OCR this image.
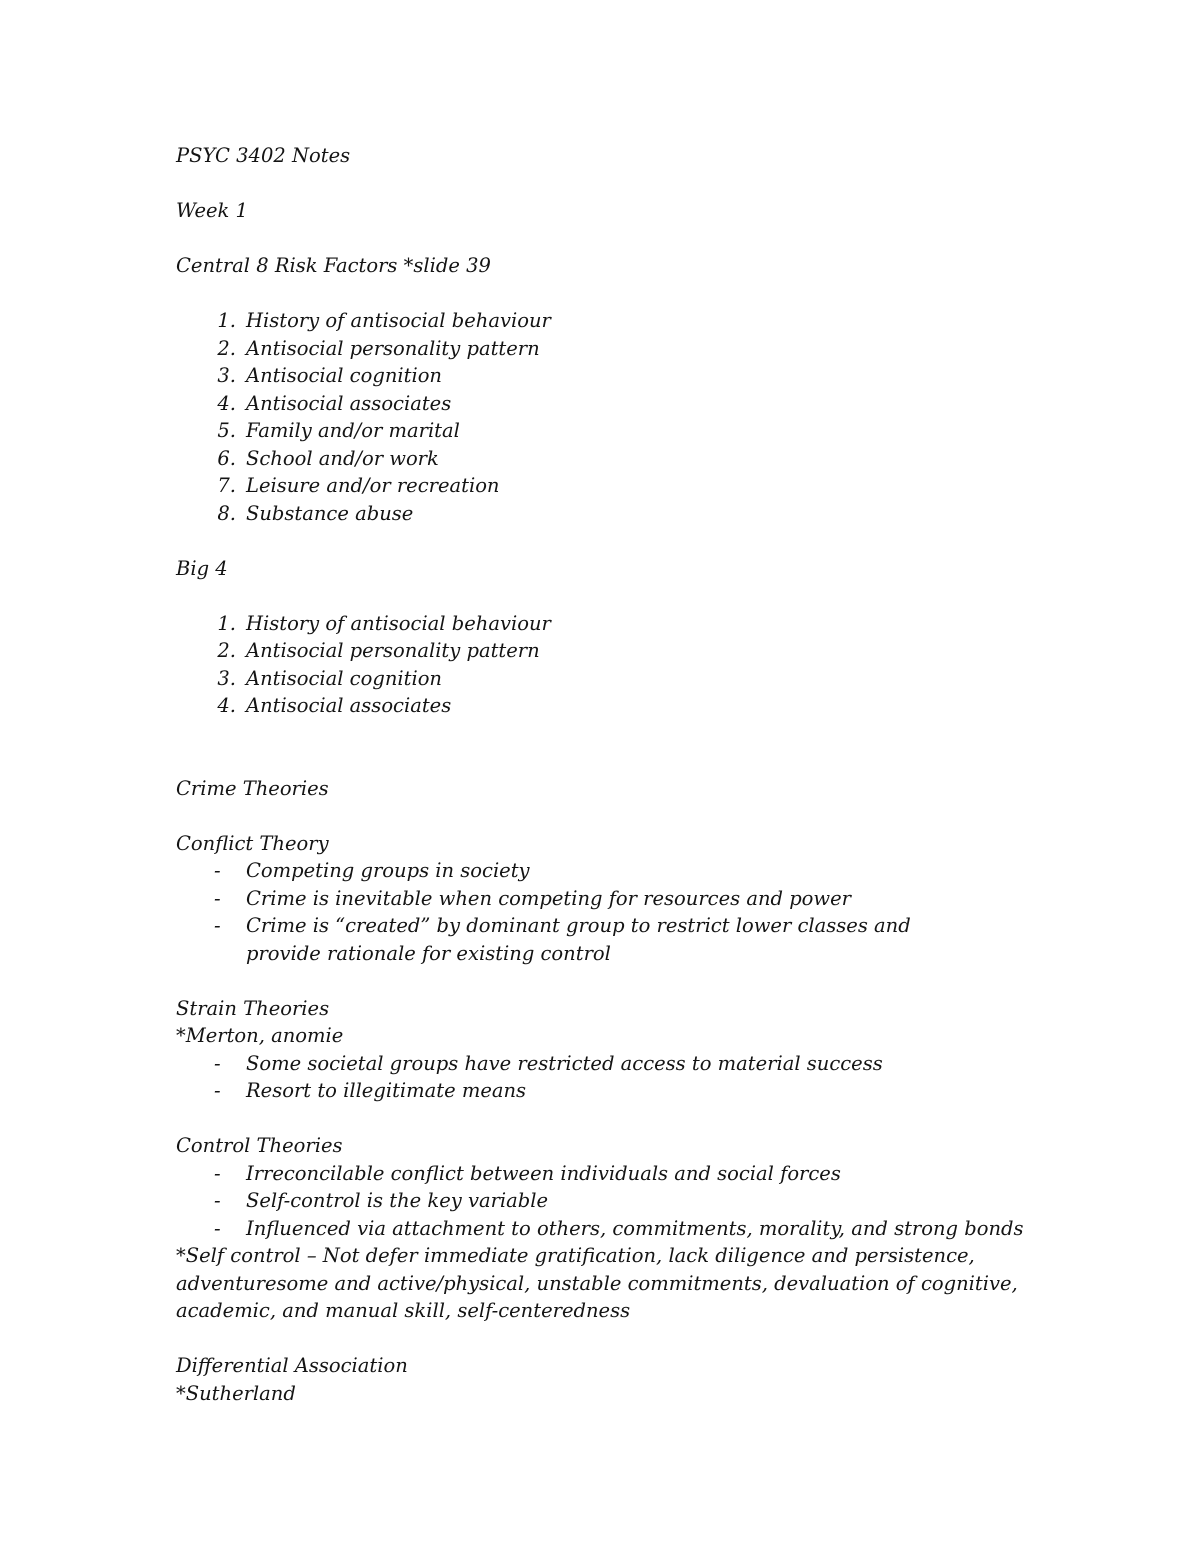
PSYC 3402 Notes
Week 1
Central 8 Risk Factors *slide 39
1. History of antisocial behaviour
2. Antisocial personality pattern
3. Antisocial cognition
4. Antisocial associates
5. Family and/or marital
6. School and/or work
7. Leisure and/or recreation
8. Substance abuse
Big 4
1. History of antisocial behaviour
2. Antisocial personality pattern
3. Antisocial cognition
4. Antisocial associates
Crime Theories
Conflict Theory
- Competing groups in society
- Crime is inevitable when competing for resources and power
- Crime is “created” by dominant group to restrict lower classes and provide rationale for existing control
Strain Theories
*Merton, anomie
- Some societal groups have restricted access to material success
- Resort to illegitimate means
Control Theories
- Irreconcilable conflict between individuals and social forces
- Self-control is the key variable
- Influenced via attachment to others, commitments, morality, and strong bonds
*Self control – Not defer immediate gratification, lack diligence and persistence, adventuresome and active/physical, unstable commitments, devaluation of cognitive, academic, and manual skill, self-centeredness
Differential Association
*Sutherland
